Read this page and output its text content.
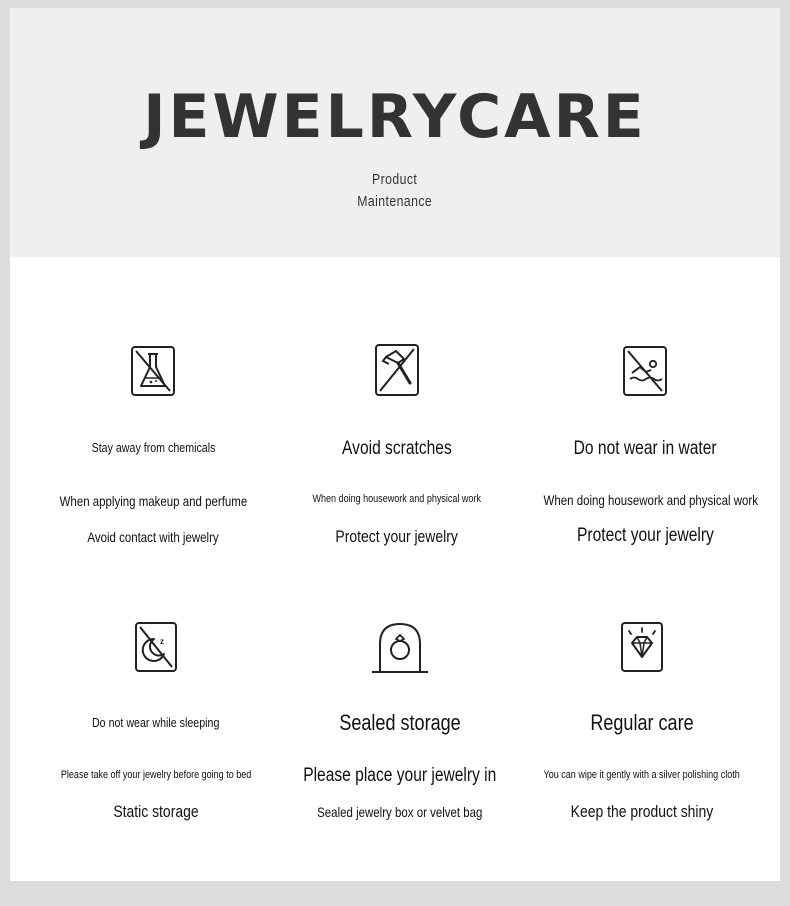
JEWELRYCARE
Product
Maintenance
Stay away from chemicals
When applying makeup and perfume
Avoid contact with jewelry
Avoid scratches
When doing housework and physical work
Protect your jewelry
Do not wear in water
When doing housework and physical work
Protect your jewelry
z
Do not wear while sleeping
Please take off your jewelry before going to bed
Static storage
Sealed storage
Please place your jewelry in
Sealed jewelry box or velvet bag
Regular care
You can wipe it gently with a silver polishing cloth
Keep the product shiny
